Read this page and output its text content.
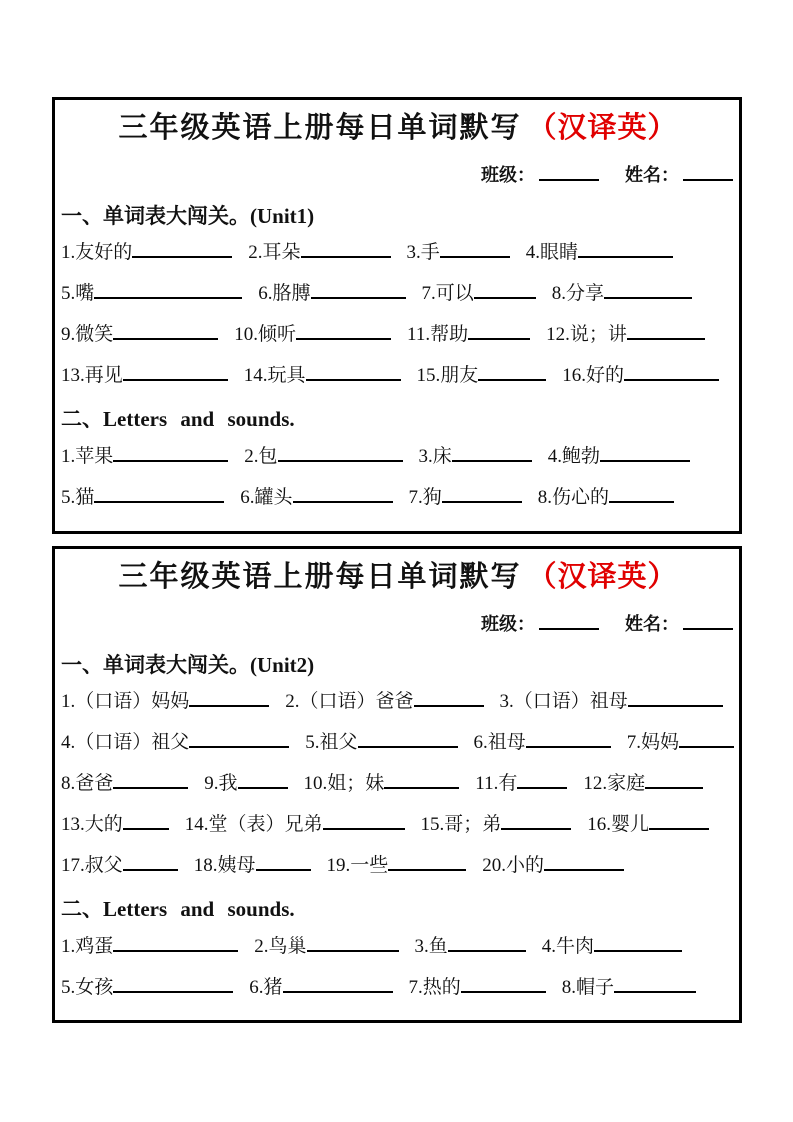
三年级英语上册每日单词默写 （汉译英）
班级：	姓名：
一、单词表大闯关。(Unit1)
1.友好的	2.耳朵	3.手	4.眼睛
5.嘴	6.胳膊	7.可以	8.分享
9.微笑	10.倾听	11.帮助	12.说；讲
13.再见	14.玩具	15.朋友	16.好的
二、Letters and sounds.
1.苹果	2.包	3.床	4.鲍勃
5.猫	6.罐头	7.狗	8.伤心的
三年级英语上册每日单词默写 （汉译英）
班级：	姓名：
一、单词表大闯关。(Unit2)
1.（口语）妈妈	2.（口语）爸爸	3.（口语）祖母
4.（口语）祖父	5.祖父	6.祖母	7.妈妈
8.爸爸	9.我	10.姐；妹	11.有	12.家庭
13.大的	14.堂（表）兄弟	15.哥；弟	16.婴儿
17.叔父	18.姨母	19.一些	20.小的
二、Letters and sounds.
1.鸡蛋	2.鸟巢	3.鱼	4.牛肉
5.女孩	6.猪	7.热的	8.帽子
